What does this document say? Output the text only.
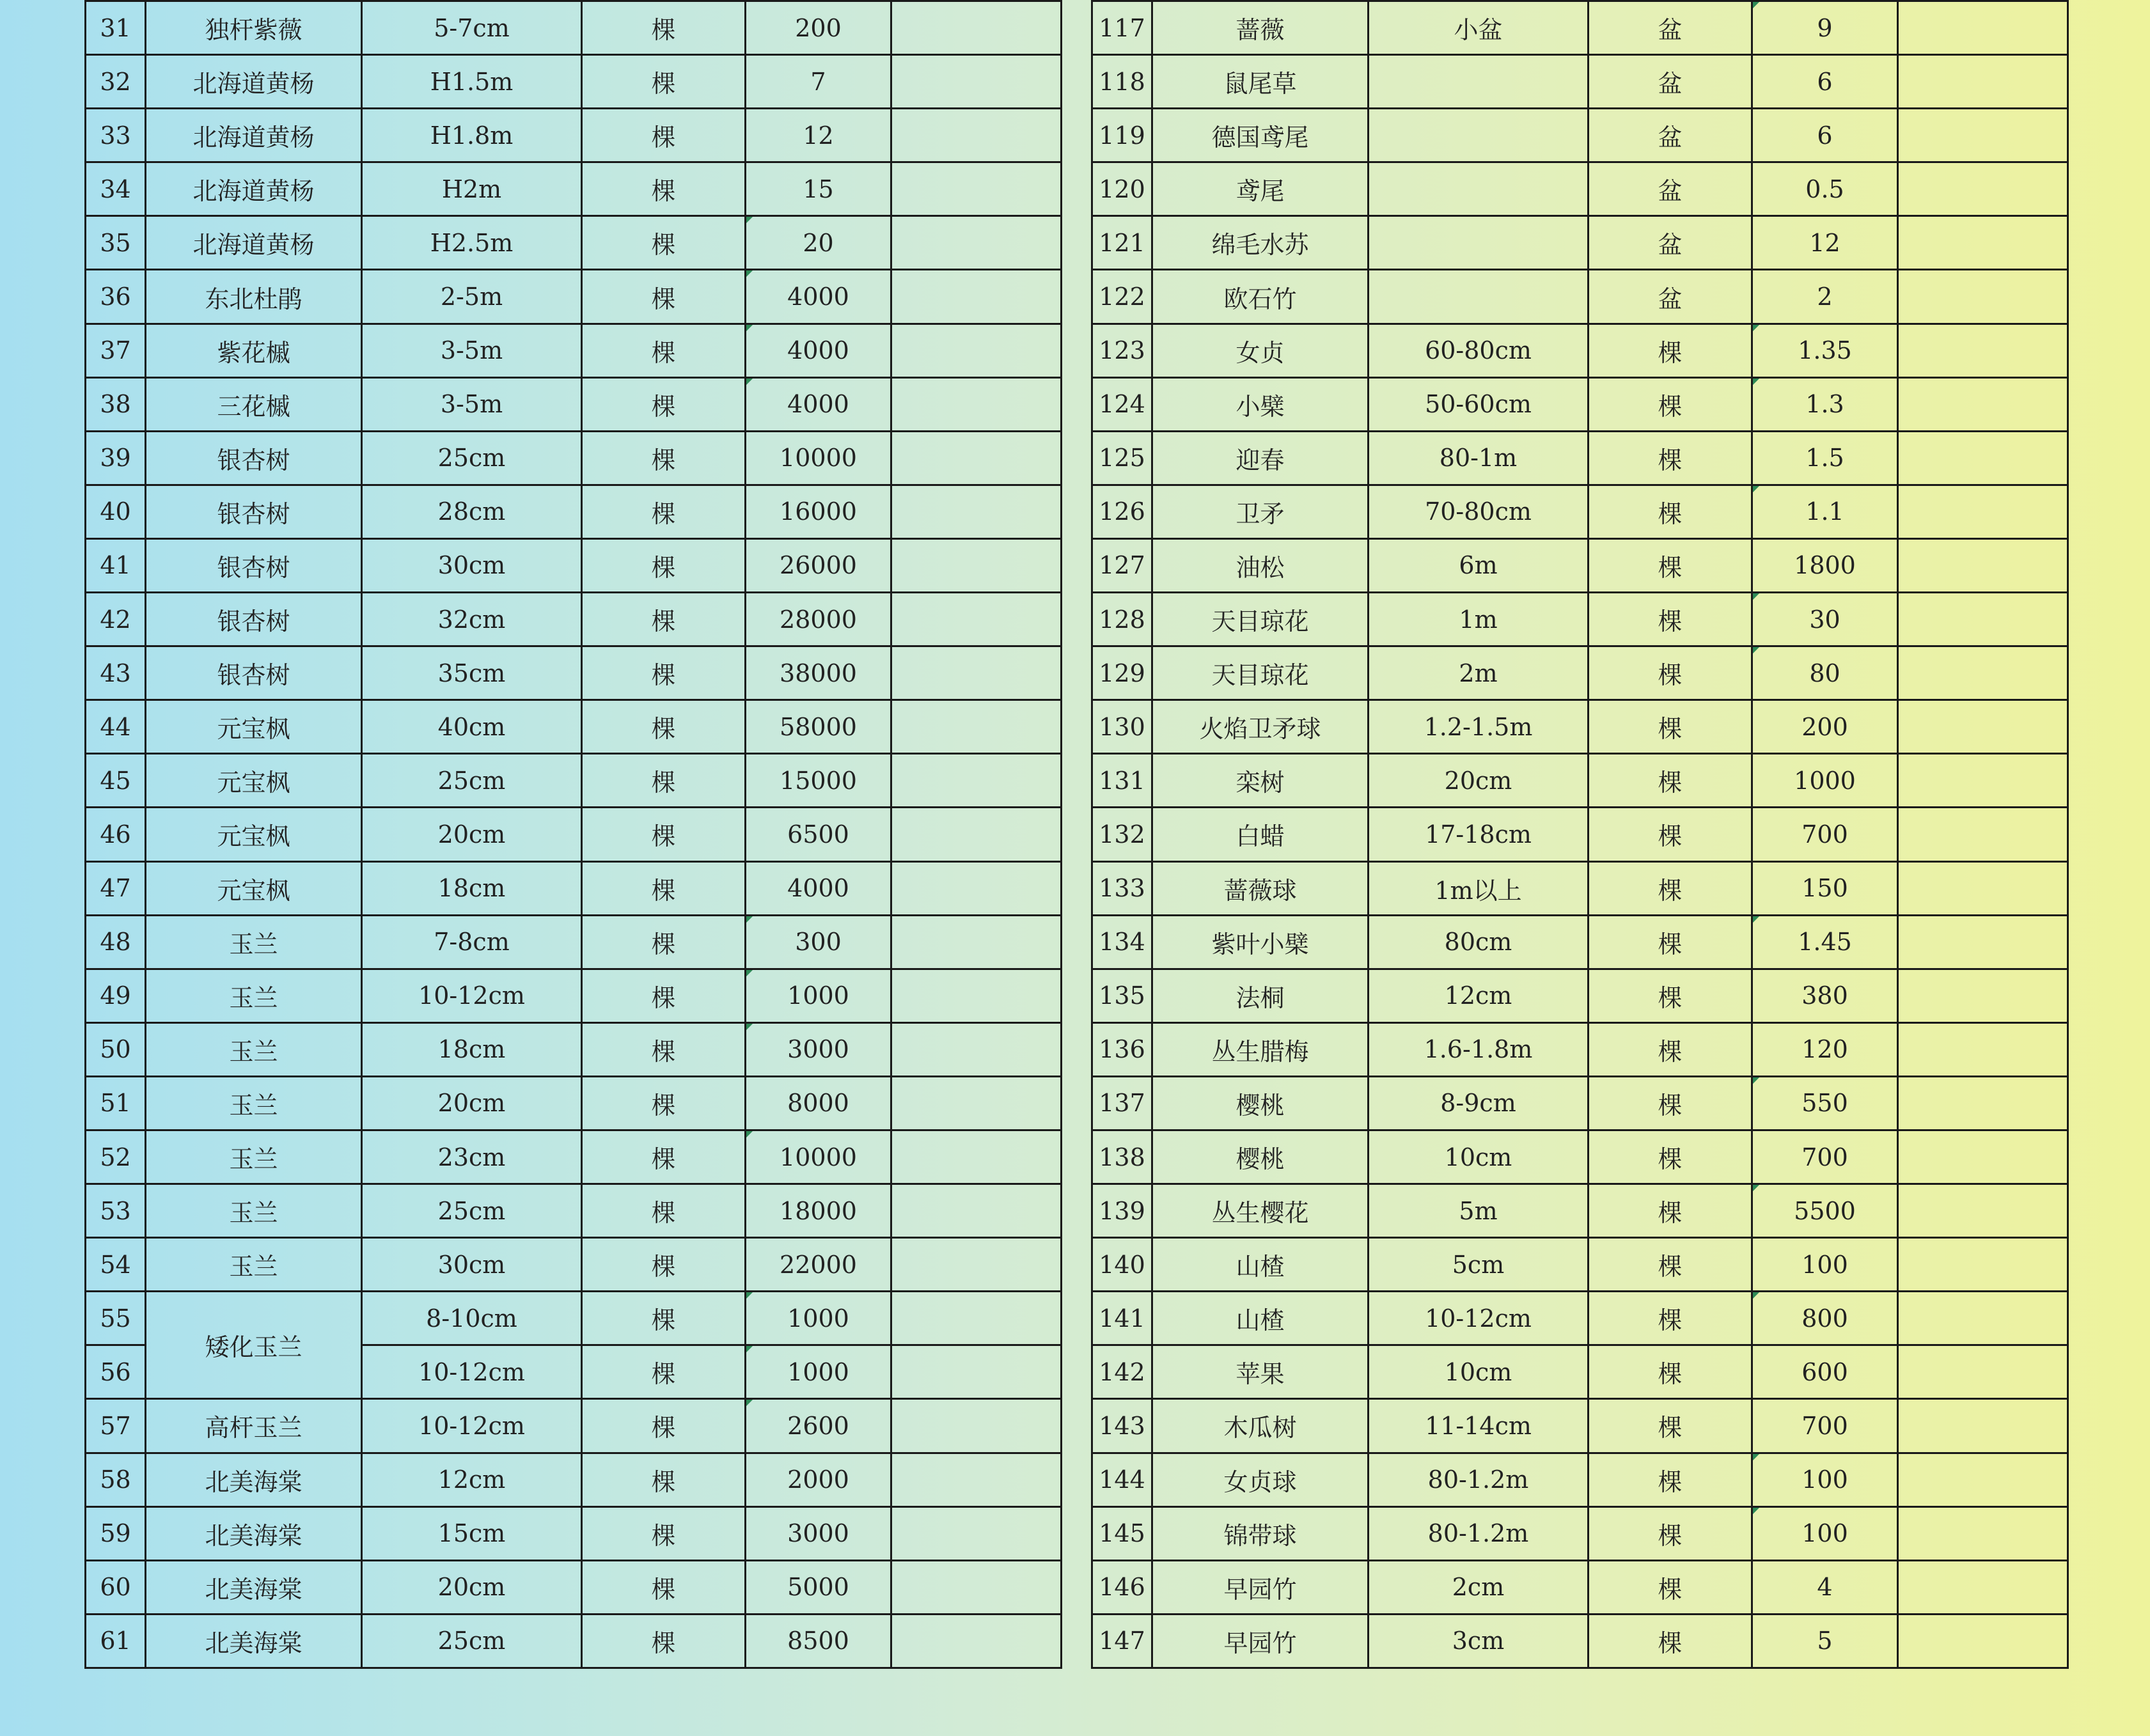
31	独杆紫薇	5-7cm	棵	200	
32	北海道黄杨	H1.5m	棵	7	
33	北海道黄杨	H1.8m	棵	12	
34	北海道黄杨	H2m	棵	15	
35	北海道黄杨	H2.5m	棵	20	
36	东北杜鹃	2-5m	棵	4000	
37	紫花槭	3-5m	棵	4000	
38	三花槭	3-5m	棵	4000	
39	银杏树	25cm	棵	10000	
40	银杏树	28cm	棵	16000	
41	银杏树	30cm	棵	26000	
42	银杏树	32cm	棵	28000	
43	银杏树	35cm	棵	38000	
44	元宝枫	40cm	棵	58000	
45	元宝枫	25cm	棵	15000	
46	元宝枫	20cm	棵	6500	
47	元宝枫	18cm	棵	4000	
48	玉兰	7-8cm	棵	300	
49	玉兰	10-12cm	棵	1000	
50	玉兰	18cm	棵	3000	
51	玉兰	20cm	棵	8000	
52	玉兰	23cm	棵	10000	
53	玉兰	25cm	棵	18000	
54	玉兰	30cm	棵	22000	
55	矮化玉兰	8-10cm	棵	1000	
56		10-12cm	棵	1000	
57	高杆玉兰	10-12cm	棵	2600	
58	北美海棠	12cm	棵	2000	
59	北美海棠	15cm	棵	3000	
60	北美海棠	20cm	棵	5000	
61	北美海棠	25cm	棵	8500	
117	蔷薇	小盆	盆	9	
118	鼠尾草		盆	6	
119	德国鸢尾		盆	6	
120	鸢尾		盆	0.5	
121	绵毛水苏		盆	12	
122	欧石竹		盆	2	
123	女贞	60-80cm	棵	1.35	
124	小檗	50-60cm	棵	1.3	
125	迎春	80-1m	棵	1.5	
126	卫矛	70-80cm	棵	1.1	
127	油松	6m	棵	1800	
128	天目琼花	1m	棵	30	
129	天目琼花	2m	棵	80	
130	火焰卫矛球	1.2-1.5m	棵	200	
131	栾树	20cm	棵	1000	
132	白蜡	17-18cm	棵	700	
133	蔷薇球	1m以上	棵	150	
134	紫叶小檗	80cm	棵	1.45	
135	法桐	12cm	棵	380	
136	丛生腊梅	1.6-1.8m	棵	120	
137	樱桃	8-9cm	棵	550	
138	樱桃	10cm	棵	700	
139	丛生樱花	5m	棵	5500	
140	山楂	5cm	棵	100	
141	山楂	10-12cm	棵	800	
142	苹果	10cm	棵	600	
143	木瓜树	11-14cm	棵	700	
144	女贞球	80-1.2m	棵	100	
145	锦带球	80-1.2m	棵	100	
146	早园竹	2cm	棵	4	
147	早园竹	3cm	棵	5	
